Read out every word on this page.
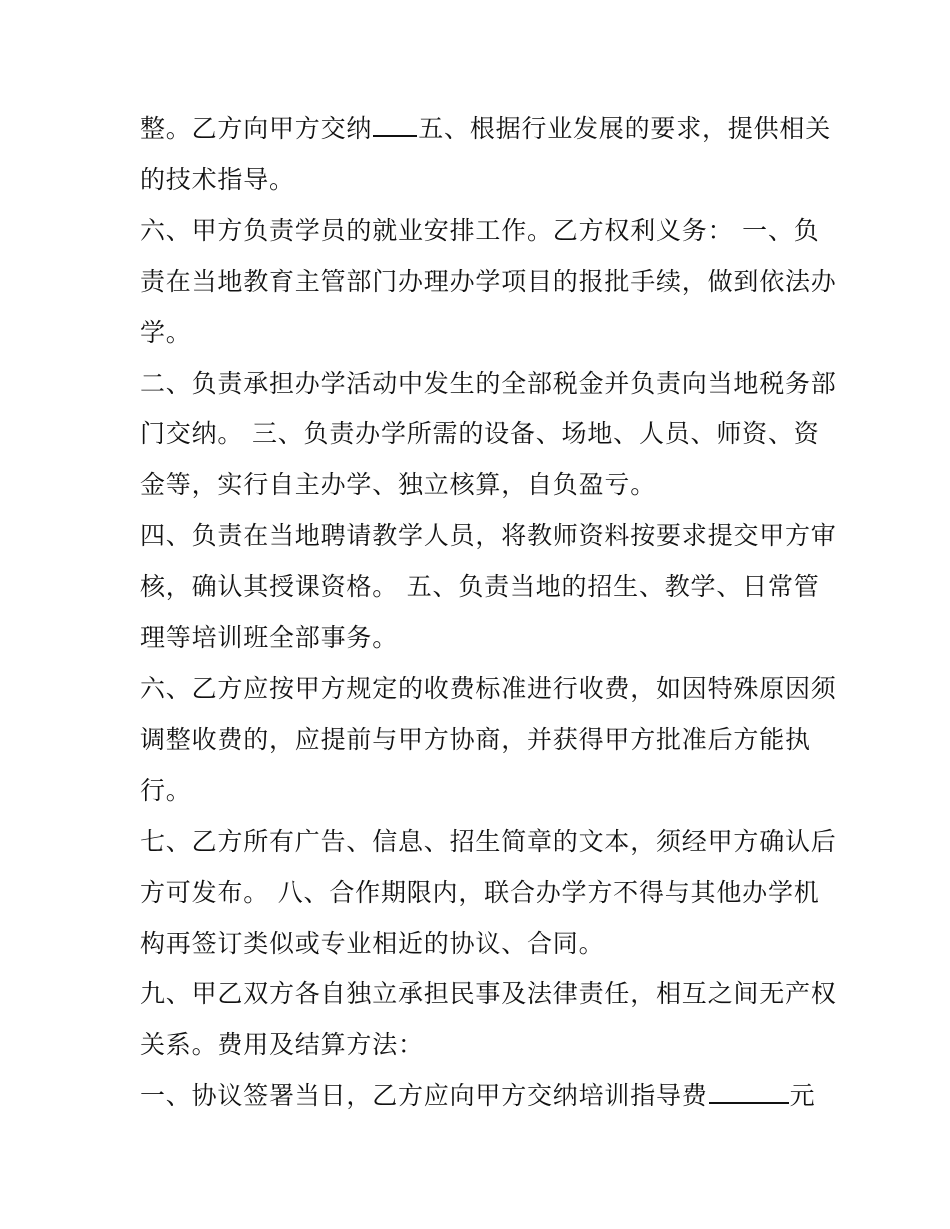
整。乙方向甲方交纳 五、根据行业发展的要求，提供相关
的技术指导。
六、甲方负责学员的就业安排工作。乙方权利义务： 一、负
责在当地教育主管部门办理办学项目的报批手续，做到依法办
学。
二、负责承担办学活动中发生的全部税金并负责向当地税务部
门交纳。 三、负责办学所需的设备、场地、人员、师资、资
金等，实行自主办学、独立核算，自负盈亏。
四、负责在当地聘请教学人员，将教师资料按要求提交甲方审
核，确认其授课资格。 五、负责当地的招生、教学、日常管
理等培训班全部事务。
六、乙方应按甲方规定的收费标准进行收费，如因特殊原因须
调整收费的，应提前与甲方协商，并获得甲方批准后方能执
行。
七、乙方所有广告、信息、招生简章的文本，须经甲方确认后
方可发布。 八、合作期限内，联合办学方不得与其他办学机
构再签订类似或专业相近的协议、合同。
九、甲乙双方各自独立承担民事及法律责任，相互之间无产权
关系。费用及结算方法：
一、协议签署当日，乙方应向甲方交纳培训指导费	元
